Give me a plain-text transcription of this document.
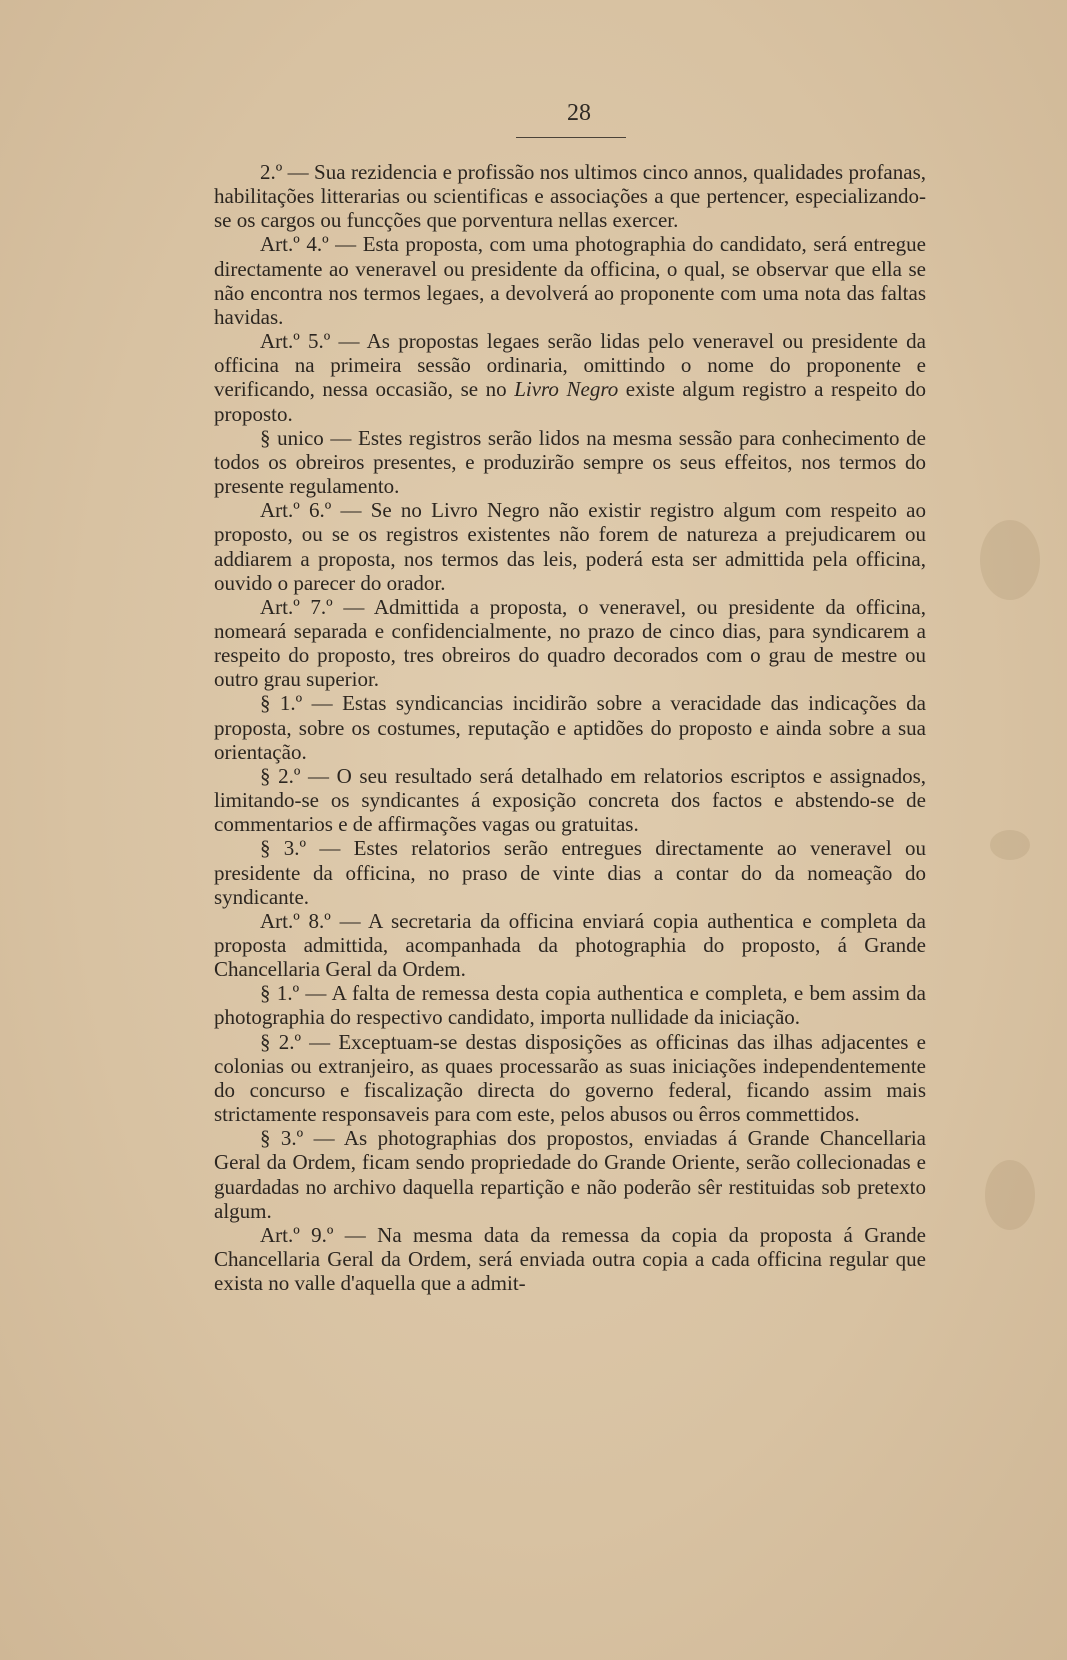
28

2.º — Sua rezidencia e profissão nos ultimos cinco annos, qualidades profanas, habilitações litterarias ou scientificas e associações a que pertencer, especializando-se os cargos ou funcções que porventura nellas exercer.

Art.º 4.º — Esta proposta, com uma photographia do candidato, será entregue directamente ao veneravel ou presidente da officina, o qual, se observar que ella se não encontra nos termos legaes, a devolverá ao proponente com uma nota das faltas havidas.

Art.º 5.º — As propostas legaes serão lidas pelo veneravel ou presidente da officina na primeira sessão ordinaria, omittindo o nome do proponente e verificando, nessa occasião, se no Livro Negro existe algum registro a respeito do proposto.

§ unico — Estes registros serão lidos na mesma sessão para conhecimento de todos os obreiros presentes, e produzirão sempre os seus effeitos, nos termos do presente regulamento.

Art.º 6.º — Se no Livro Negro não existir registro algum com respeito ao proposto, ou se os registros existentes não forem de natureza a prejudicarem ou addiarem a proposta, nos termos das leis, poderá esta ser admittida pela officina, ouvido o parecer do orador.

Art.º 7.º — Admittida a proposta, o veneravel, ou presidente da officina, nomeará separada e confidencialmente, no prazo de cinco dias, para syndicarem a respeito do proposto, tres obreiros do quadro decorados com o grau de mestre ou outro grau superior.

§ 1.º — Estas syndicancias incidirão sobre a veracidade das indicações da proposta, sobre os costumes, reputação e aptidões do proposto e ainda sobre a sua orientação.

§ 2.º — O seu resultado será detalhado em relatorios escriptos e assignados, limitando-se os syndicantes á exposição concreta dos factos e abstendo-se de commentarios e de affirmações vagas ou gratuitas.

§ 3.º — Estes relatorios serão entregues directamente ao veneravel ou presidente da officina, no praso de vinte dias a contar do da nomeação do syndicante.

Art.º 8.º — A secretaria da officina enviará copia authentica e completa da proposta admittida, acompanhada da photographia do proposto, á Grande Chancellaria Geral da Ordem.

§ 1.º — A falta de remessa desta copia authentica e completa, e bem assim da photographia do respectivo candidato, importa nullidade da iniciação.

§ 2.º — Exceptuam-se destas disposições as officinas das ilhas adjacentes e colonias ou extranjeiro, as quaes processarão as suas iniciações independentemente do concurso e fiscalização directa do governo federal, ficando assim mais strictamente responsaveis para com este, pelos abusos ou êrros commettidos.

§ 3.º — As photographias dos propostos, enviadas á Grande Chancellaria Geral da Ordem, ficam sendo propriedade do Grande Oriente, serão collecionadas e guardadas no archivo daquella repartição e não poderão sêr restituidas sob pretexto algum.

Art.º 9.º — Na mesma data da remessa da copia da proposta á Grande Chancellaria Geral da Ordem, será enviada outra copia a cada officina regular que exista no valle d'aquella que a admit-
